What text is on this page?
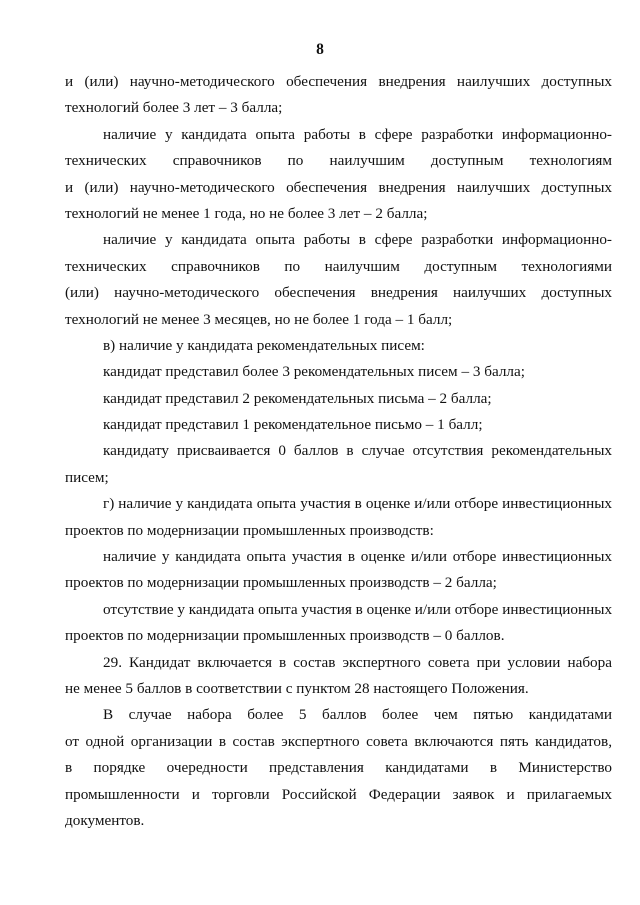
8
и (или) научно-методического обеспечения внедрения наилучших доступных
технологий более 3 лет – 3 балла;
наличие у кандидата опыта работы в сфере разработки информационно-
технических справочников по наилучшим доступным технологиям
и (или) научно-методического обеспечения внедрения наилучших доступных
технологий не менее 1 года, но не более 3 лет – 2 балла;
наличие у кандидата опыта работы в сфере разработки информационно-
технических справочников по наилучшим доступным технологиями
(или) научно-методического обеспечения внедрения наилучших доступных
технологий не менее 3 месяцев, но не более 1 года – 1 балл;
в) наличие у кандидата рекомендательных писем:
кандидат представил более 3 рекомендательных писем – 3 балла;
кандидат представил 2 рекомендательных письма – 2 балла;
кандидат представил 1 рекомендательное письмо – 1 балл;
кандидату присваивается 0 баллов в случае отсутствия рекомендательных
писем;
г) наличие у кандидата опыта участия в оценке и/или отборе инвестиционных
проектов по модернизации промышленных производств:
наличие у кандидата опыта участия в оценке и/или отборе инвестиционных
проектов по модернизации промышленных производств – 2 балла;
отсутствие у кандидата опыта участия в оценке и/или отборе инвестиционных
проектов по модернизации промышленных производств – 0 баллов.
29. Кандидат включается в состав экспертного совета при условии набора
не менее 5 баллов в соответствии с пунктом 28 настоящего Положения.
В случае набора более 5 баллов более чем пятью кандидатами
от одной организации в состав экспертного совета включаются пять кандидатов,
в порядке очередности представления кандидатами в Министерство
промышленности и торговли Российской Федерации заявок и прилагаемых
документов.
